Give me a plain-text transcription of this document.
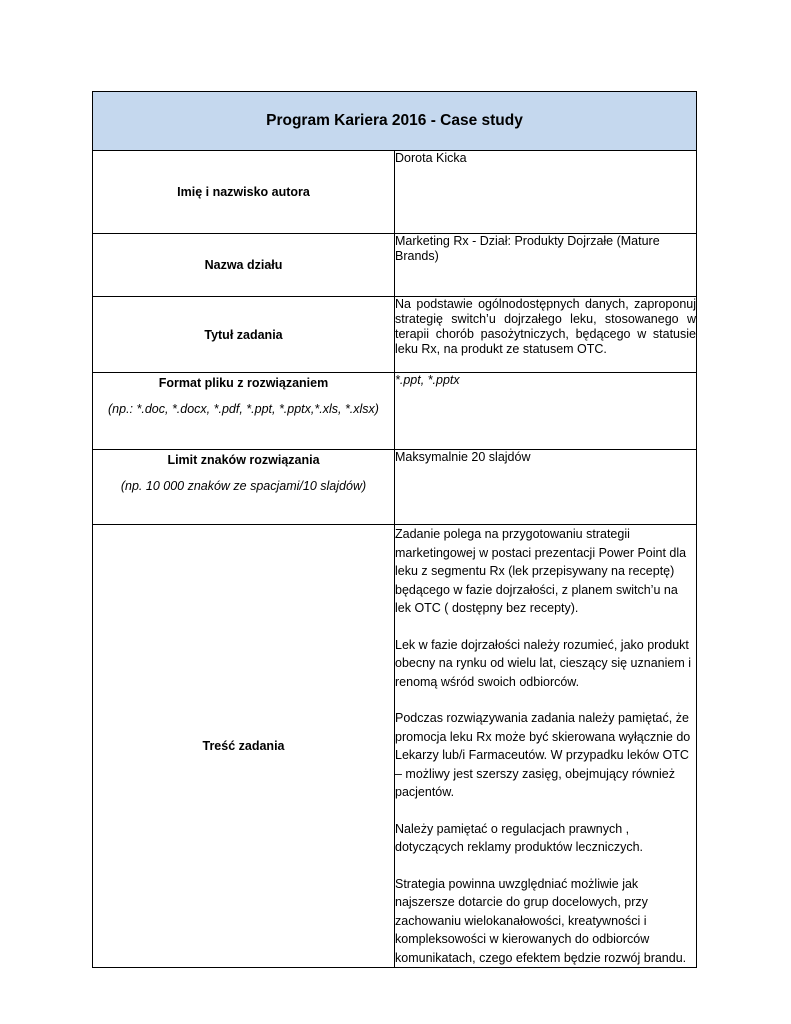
Program Kariera 2016 - Case study	
Imię i nazwisko autora	Dorota Kicka
Nazwa działu	Marketing Rx - Dział: Produkty Dojrzałe (Mature Brands)
Tytuł zadania	Na podstawie ogólnodostępnych danych, zaproponuj strategię switch’u dojrzałego leku, stosowanego w terapii chorób pasożytniczych, będącego w statusie leku Rx, na produkt ze statusem OTC.
Format pliku z rozwiązaniem
(np.: *.doc, *.docx, *.pdf, *.ppt, *.pptx,*.xls, *.xlsx)	*.ppt, *.pptx
Limit znaków rozwiązania
(np. 10 000 znaków ze spacjami/10 slajdów)	Maksymalnie 20 slajdów
Treść zadania	Zadanie polega na przygotowaniu strategii marketingowej w postaci prezentacji Power Point dla leku z segmentu Rx (lek przepisywany na receptę) będącego w fazie dojrzałości, z planem switch’u na lek OTC ( dostępny bez recepty).

Lek w fazie dojrzałości należy rozumieć, jako produkt obecny na rynku od wielu lat, cieszący się uznaniem i renomą wśród swoich odbiorców.

Podczas rozwiązywania zadania należy pamiętać, że promocja leku Rx może być skierowana wyłącznie do Lekarzy lub/i Farmaceutów. W przypadku leków OTC – możliwy jest szerszy zasięg, obejmujący również pacjentów.

Należy pamiętać o regulacjach prawnych , dotyczących reklamy produktów leczniczych.

Strategia powinna uwzględniać możliwie jak najszersze dotarcie do grup docelowych, przy zachowaniu wielokanałowości, kreatywności i kompleksowości w kierowanych do odbiorców komunikatach, czego efektem będzie rozwój brandu.
